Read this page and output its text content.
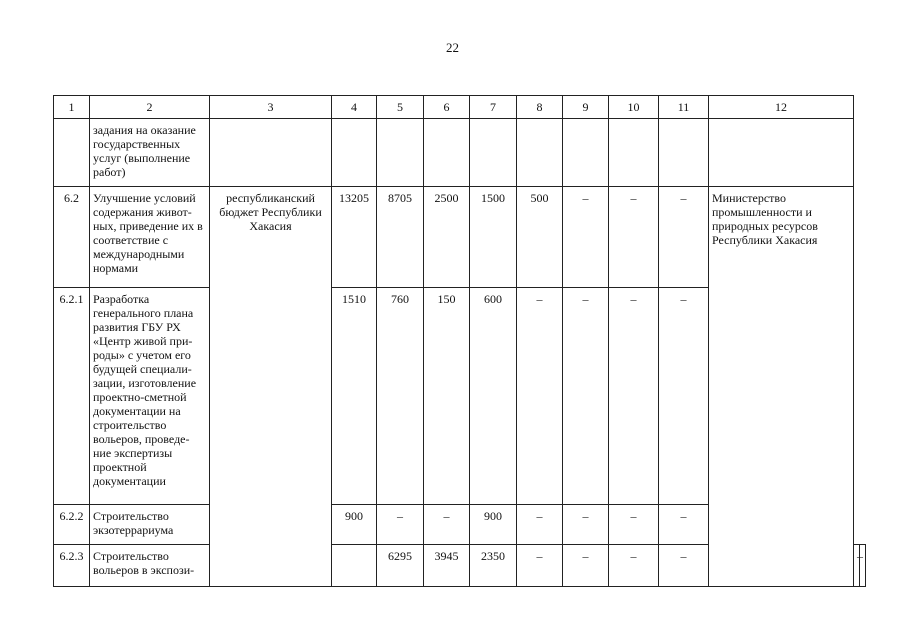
22
1	2	3	4	5	6	7	8	9	10	11	12		
	задания на оказание государственных услуг (выполнение работ)												
6.2	Улучшение условий содержания живот-ных, приведение их в соответствие с международными нормами	республиканский бюджет Республики Хакасия	13205	8705	2500	1500	500	–	–	–	Министерство промышленности и природных ресурсов Республики Хакасия		
6.2.1	Разработка генерального плана развития ГБУ РХ «Центр живой при-роды» с учетом его будущей специали-зации, изготовление проектно-сметной документации на строительство вольеров, проведе-ние экспертизы проектной документации		1510	760	150	600	–	–	–	–			
6.2.2	Строительство экзотеррариума		900	–	–	900	–	–	–	–			
6.2.3	Строительство вольеров в экспози-			6295	3945	2350	–	–	–	–		–	
